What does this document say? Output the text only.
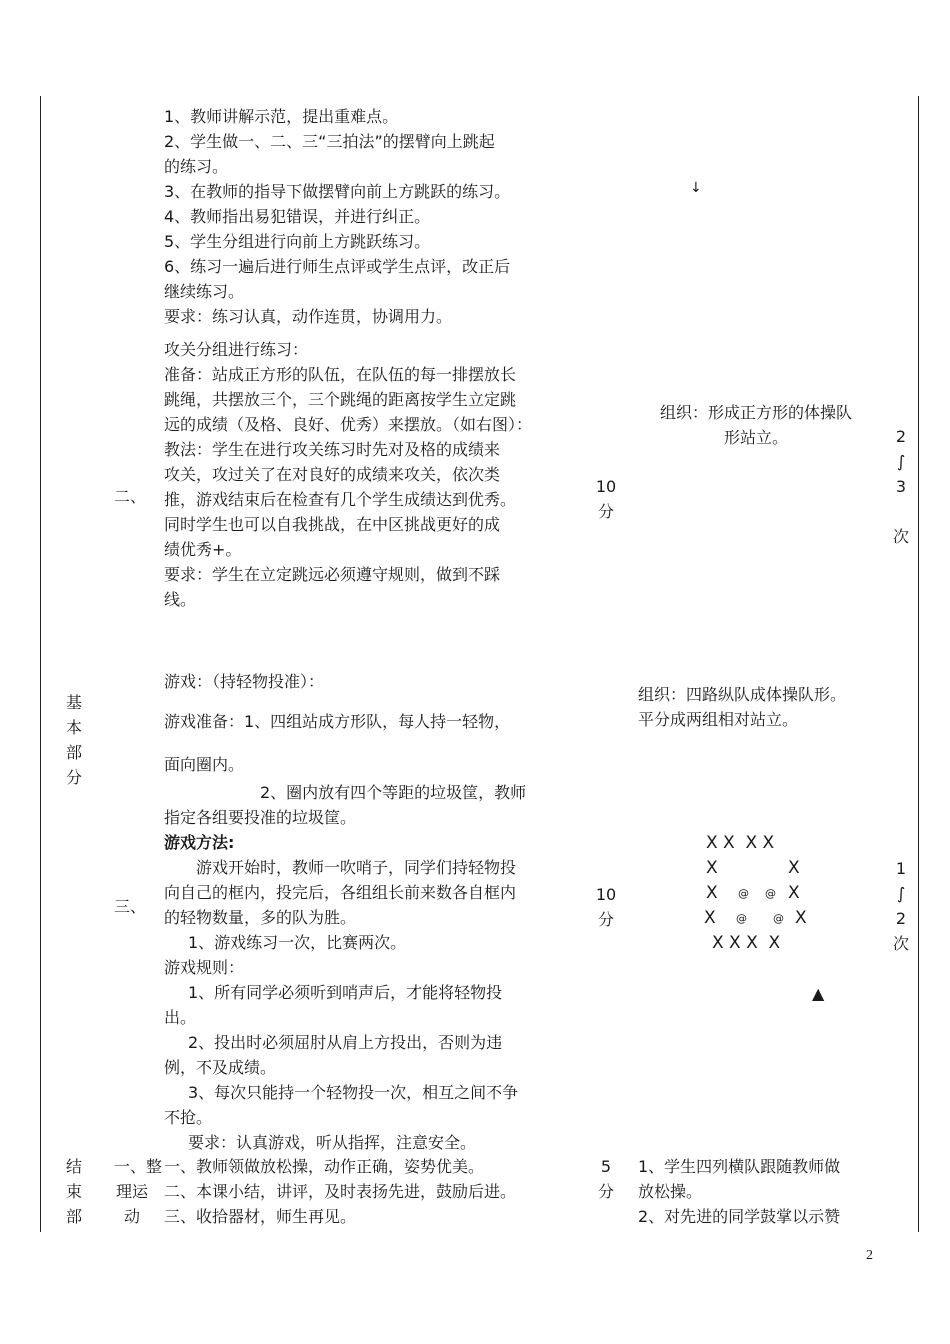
1、教师讲解示范，提出重难点。
2、学生做一、二、三“三拍法”的摆臂向上跳起
的练习。
3、在教师的指导下做摆臂向前上方跳跃的练习。
4、教师指出易犯错误，并进行纠正。
5、学生分组进行向前上方跳跃练习。
6、练习一遍后进行师生点评或学生点评，改正后
继续练习。
要求：练习认真，动作连贯，协调用力。
↓
二、
攻关分组进行练习：
准备：站成正方形的队伍，在队伍的每一排摆放长
跳绳，共摆放三个，三个跳绳的距离按学生立定跳
远的成绩（及格、良好、优秀）来摆放。（如右图）：
教法：学生在进行攻关练习时先对及格的成绩来
攻关，攻过关了在对良好的成绩来攻关，依次类
推，游戏结束后在检查有几个学生成绩达到优秀。
同时学生也可以自我挑战，在中区挑战更好的成
绩优秀+。
要求：学生在立定跳远必须遵守规则，做到不踩
线。
10
分
组织：形成正方形的体操队
形站立。	2
∫
3
次
基
本
部
分
三、
游戏：（持轻物投准）：
游戏准备：1、四组站成方形队，每人持一轻物，
面向圈内。
2、圈内放有四个等距的垃圾筐，教师
指定各组要投准的垃圾筐。
游戏方法:
游戏开始时，教师一吹哨子，同学们持轻物投
向自己的框内，投完后，各组组长前来数各自框内
的轻物数量，多的队为胜。
1、游戏练习一次，比赛两次。
游戏规则：
1、所有同学必须听到哨声后，才能将轻物投
出。
2、投出时必须屈肘从肩上方投出，否则为违
例，不及成绩。
3、每次只能持一个轻物投一次，相互之间不争
不抢。
要求：认真游戏，听从指挥，注意安全。
10
分
组织：四路纵队成体操队形。
平分成两组相对站立。
X X  X X
X	X
X @ @ X
X @ @ X
X X X  X
▲
1
∫
2
次
结
束
部
一、整
理运
动
一、教师领做放松操，动作正确，姿势优美。
二、本课小结，讲评，及时表扬先进，鼓励后进。
三、收拾器材，师生再见。
5
分
1、学生四列横队跟随教师做
放松操。
2、对先进的同学鼓掌以示赞
2
